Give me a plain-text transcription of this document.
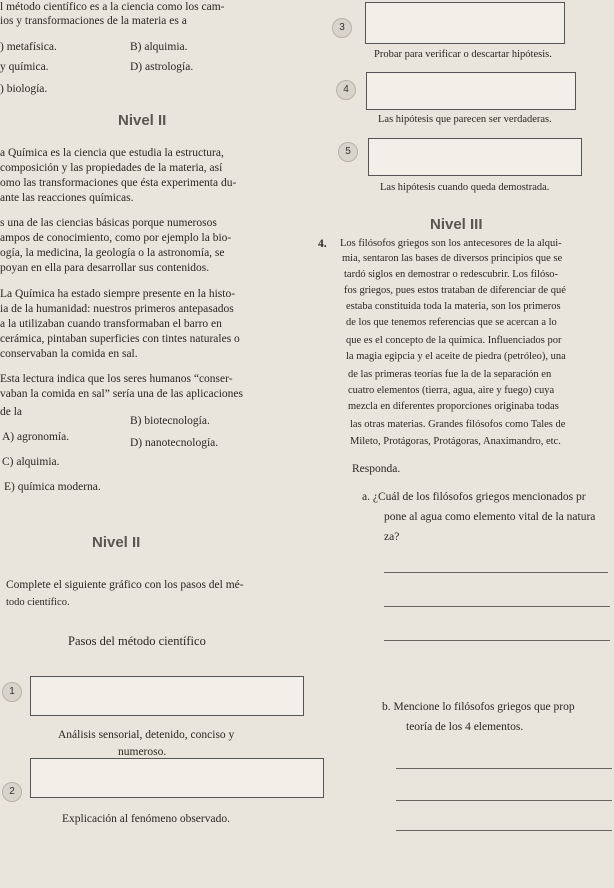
l método científico es a la ciencia como los cam-
ios y transformaciones de la materia es a
) metafísica.	B) alquimia.
y química.	D) astrología.
) biología.
Nivel II
a Química es la ciencia que estudia la estructura,
composición y las propiedades de la materia, así
omo las transformaciones que ésta experimenta du-
ante las reacciones químicas.
s una de las ciencias básicas porque numerosos
ampos de conocimiento, como por ejemplo la bio-
ogía, la medicina, la geología o la astronomía, se
poyan en ella para desarrollar sus contenidos.
La Química ha estado siempre presente en la histo-
ia de la humanidad: nuestros primeros antepasados
a la utilizaban cuando transformaban el barro en
cerámica, pintaban superficies con tintes naturales o
conservaban la comida en sal.
Esta lectura indica que los seres humanos “conser-
vaban la comida en sal” sería una de las aplicaciones
de la
B) biotecnología.
A) agronomía.	D) nanotecnología.
C) alquimia.
E) química moderna.
Nivel II
Complete el siguiente gráfico con los pasos del mé-
todo científico.
Pasos del método científico
1
Análisis sensorial, detenido, conciso y
numeroso.
2
Explicación al fenómeno observado.
3
Probar para verificar o descartar hipótesis.
4
Las hipótesis que parecen ser verdaderas.
5
Las hipótesis cuando queda demostrada.
Nivel III
4. Los filósofos griegos son los antecesores de la alqui-
mia, sentaron las bases de diversos principios que se
tardó siglos en demostrar o redescubrir. Los filóso-
fos griegos, pues estos trataban de diferenciar de qué
estaba constituida toda la materia, son los primeros
de los que tenemos referencias que se acercan a lo
que es el concepto de la química. Influenciados por
la magia egipcia y el aceite de piedra (petróleo), una
de las primeras teorías fue la de la separación en
cuatro elementos (tierra, agua, aire y fuego) cuya
mezcla en diferentes proporciones originaba todas
las otras materias. Grandes filósofos como Tales de
Mileto, Protágoras, Protágoras, Anaximandro, etc.
Responda.
a. ¿Cuál de los filósofos griegos mencionados pr
pone al agua como elemento vital de la natura
za?
b. Mencione lo filósofos griegos que prop
teoría de los 4 elementos.
